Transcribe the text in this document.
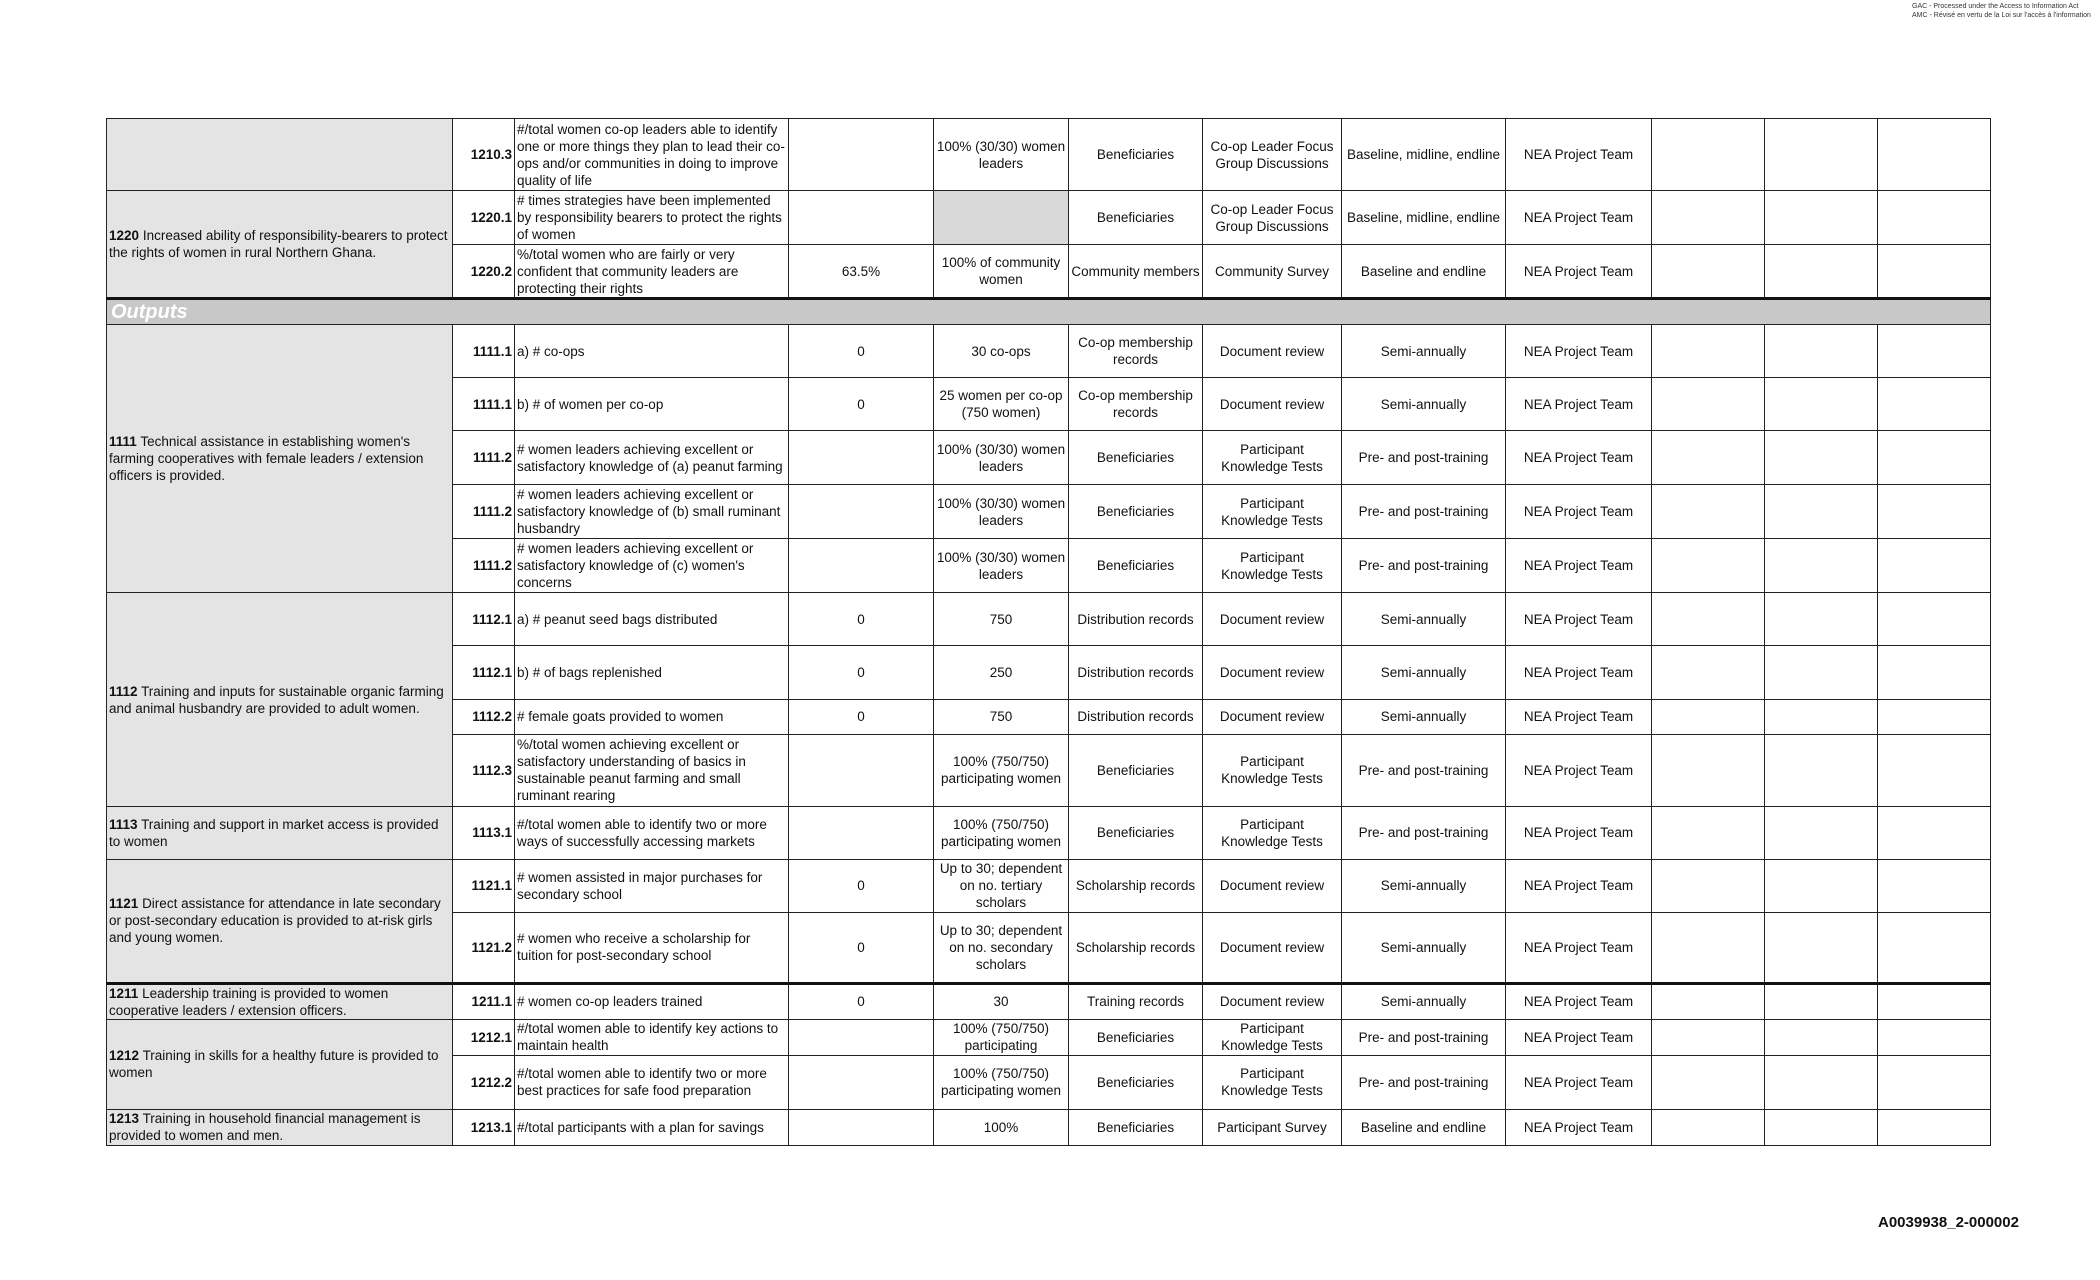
GAC - Processed under the Access to Information Act
AMC - Révisé en vertu de la Loi sur l'accès à l'information
	1210.3	#/total women co-op leaders able to identify one or more things they plan to lead their co-ops and/or communities in doing to improve quality of life		100% (30/30) women leaders	Beneficiaries	Co-op Leader Focus Group Discussions	Baseline, midline, endline	NEA Project Team			
1220 Increased ability of responsibility-bearers to protect the rights of women in rural Northern Ghana.	1220.1	# times strategies have been implemented by responsibility bearers to protect the rights of women			Beneficiaries	Co-op Leader Focus Group Discussions	Baseline, midline, endline	NEA Project Team			
	1220.2	%/total women who are fairly or very confident that community leaders are protecting their rights	63.5%	100% of community women	Community members	Community Survey	Baseline and endline	NEA Project Team			
Outputs											
1111 Technical assistance in establishing women's farming cooperatives with female leaders / extension officers is provided.	1111.1	a) # co-ops	0	30 co-ops	Co-op membership records	Document review	Semi-annually	NEA Project Team			
	1111.1	b) # of women per co-op	0	25 women per co-op (750 women)	Co-op membership records	Document review	Semi-annually	NEA Project Team			
	1111.2	# women leaders achieving excellent or satisfactory knowledge of (a) peanut farming		100% (30/30) women leaders	Beneficiaries	Participant Knowledge Tests	Pre- and post-training	NEA Project Team			
	1111.2	# women leaders achieving excellent or satisfactory knowledge of (b) small ruminant husbandry		100% (30/30) women leaders	Beneficiaries	Participant Knowledge Tests	Pre- and post-training	NEA Project Team			
	1111.2	# women leaders achieving excellent or satisfactory knowledge of (c) women's concerns		100% (30/30) women leaders	Beneficiaries	Participant Knowledge Tests	Pre- and post-training	NEA Project Team			
1112 Training and inputs for sustainable organic farming and animal husbandry are provided to adult women.	1112.1	a) # peanut seed bags distributed	0	750	Distribution records	Document review	Semi-annually	NEA Project Team			
	1112.1	b) # of bags replenished	0	250	Distribution records	Document review	Semi-annually	NEA Project Team			
	1112.2	# female goats provided to women	0	750	Distribution records	Document review	Semi-annually	NEA Project Team			
	1112.3	%/total women achieving excellent or satisfactory understanding of basics in sustainable peanut farming and small ruminant rearing		100% (750/750) participating women	Beneficiaries	Participant Knowledge Tests	Pre- and post-training	NEA Project Team			
1113 Training and support in market access is provided to women	1113.1	#/total women able to identify two or more ways of successfully accessing markets		100% (750/750) participating women	Beneficiaries	Participant Knowledge Tests	Pre- and post-training	NEA Project Team			
1121 Direct assistance for attendance in late secondary or post-secondary education is provided to at-risk girls and young women.	1121.1	# women assisted in major purchases for secondary school	0	Up to 30; dependent on no. tertiary scholars	Scholarship records	Document review	Semi-annually	NEA Project Team			
	1121.2	# women who receive a scholarship for tuition for post-secondary school	0	Up to 30; dependent on no. secondary scholars	Scholarship records	Document review	Semi-annually	NEA Project Team			
1211 Leadership training is provided to women cooperative leaders / extension officers.	1211.1	# women co-op leaders trained	0	30	Training records	Document review	Semi-annually	NEA Project Team			
1212 Training in skills for a healthy future is provided to women	1212.1	#/total women able to identify key actions to maintain health		100% (750/750) participating	Beneficiaries	Participant Knowledge Tests	Pre- and post-training	NEA Project Team			
	1212.2	#/total women able to identify two or more best practices for safe food preparation		100% (750/750) participating women	Beneficiaries	Participant Knowledge Tests	Pre- and post-training	NEA Project Team			
1213 Training in household financial management is provided to women and men.	1213.1	#/total participants with a plan for savings		100%	Beneficiaries	Participant Survey	Baseline and endline	NEA Project Team			
A0039938_2-000002
